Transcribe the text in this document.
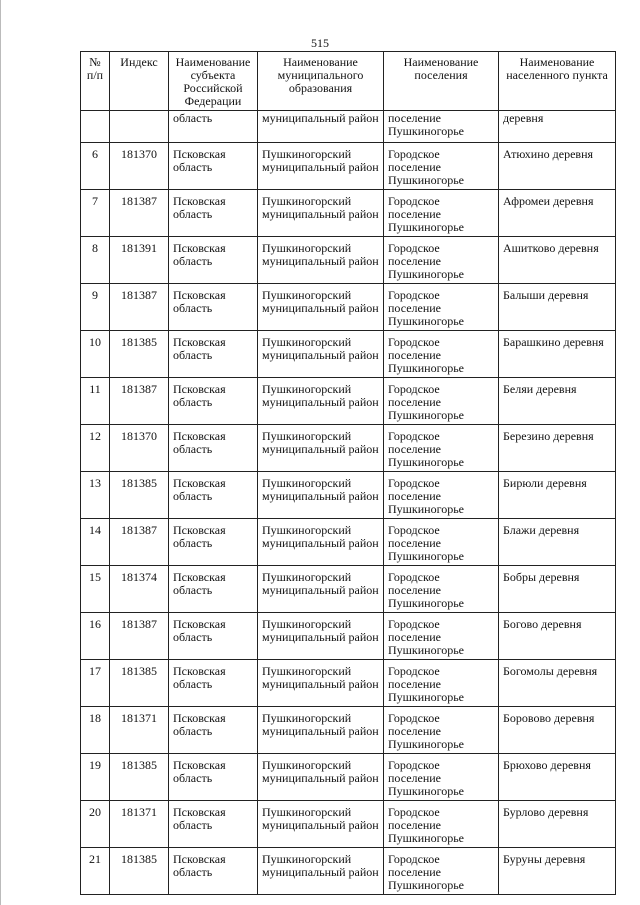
515
№ п/п	Индекс	Наименование субъекта Российской Федерации	Наименование муниципального образования	Наименование поселения	Наименование населенного пункта
		область	муниципальный район	поселение Пушкиногорье	деревня
6	181370	Псковская область	Пушкиногорский муниципальный район	Городское поселение Пушкиногорье	Атюхино деревня
7	181387	Псковская область	Пушкиногорский муниципальный район	Городское поселение Пушкиногорье	Афромеи деревня
8	181391	Псковская область	Пушкиногорский муниципальный район	Городское поселение Пушкиногорье	Ашитково деревня
9	181387	Псковская область	Пушкиногорский муниципальный район	Городское поселение Пушкиногорье	Балыши деревня
10	181385	Псковская область	Пушкиногорский муниципальный район	Городское поселение Пушкиногорье	Барашкино деревня
11	181387	Псковская область	Пушкиногорский муниципальный район	Городское поселение Пушкиногорье	Беляи деревня
12	181370	Псковская область	Пушкиногорский муниципальный район	Городское поселение Пушкиногорье	Березино деревня
13	181385	Псковская область	Пушкиногорский муниципальный район	Городское поселение Пушкиногорье	Бирюли деревня
14	181387	Псковская область	Пушкиногорский муниципальный район	Городское поселение Пушкиногорье	Блажи деревня
15	181374	Псковская область	Пушкиногорский муниципальный район	Городское поселение Пушкиногорье	Бобры деревня
16	181387	Псковская область	Пушкиногорский муниципальный район	Городское поселение Пушкиногорье	Богово деревня
17	181385	Псковская область	Пушкиногорский муниципальный район	Городское поселение Пушкиногорье	Богомолы деревня
18	181371	Псковская область	Пушкиногорский муниципальный район	Городское поселение Пушкиногорье	Боровово деревня
19	181385	Псковская область	Пушкиногорский муниципальный район	Городское поселение Пушкиногорье	Брюхово деревня
20	181371	Псковская область	Пушкиногорский муниципальный район	Городское поселение Пушкиногорье	Бурлово деревня
21	181385	Псковская область	Пушкиногорский муниципальный район	Городское поселение Пушкиногорье	Буруны деревня
